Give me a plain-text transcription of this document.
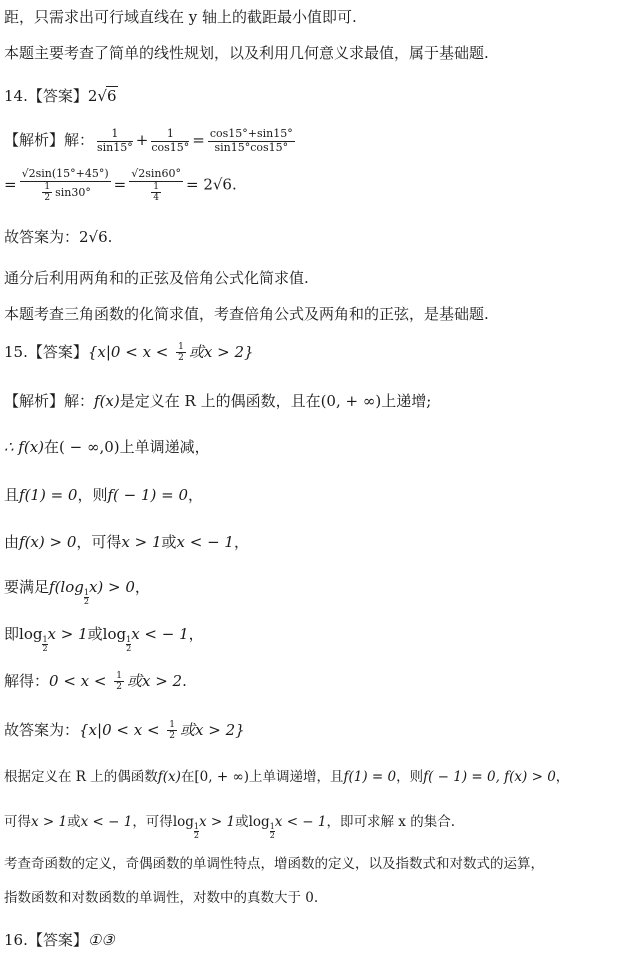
距，只需求出可行域直线在 y 轴上的截距最小值即可.
本题主要考查了简单的线性规划，以及利用几何意义求最值，属于基础题.
14.【答案】2√6
【解析】解： $\frac{1}{\sin 15^\circ} + \frac{1}{\cos 15^\circ} = \frac{\cos 15^\circ+\sin 15^\circ}{\sin 15^\circ\cos 15^\circ}$
= $\frac{√2\sin(15^\circ+45^\circ)}{\frac{1}{2} \sin 30^\circ} = \frac{√2\sin 60^\circ}{\frac{1}{4}} = 2√6$.
故答案为：2√6.
通分后利用两角和的正弦及倍角公式化简求值.
本题考查三角函数的化简求值，考查倍角公式及两角和的正弦，是基础题.
15.【答案】{$x|0 < x < \frac{1}{2}$ 或x > 2}
【解析】解：f(x)是定义在 R 上的偶函数，且在(0, + ∞)上递增;
∴ f(x)在( − ∞,0)上单调递减，
且f(1) = 0，则f( − 1) = 0，
由f(x) > 0，可得x > 1或x < − 1，
要满足f(log
$\frac{1}{2}$
x) > 0，
即log
$\frac{1}{2}$
x > 1或log
$\frac{1}{2}$
x < − 1，
解得：$0 < x < \frac{1}{2}$ 或x > 2.
故答案为：{$x|0 < x < \frac{1}{2}$ 或x > 2}
根据定义在 R 上的偶函数f(x)在[0, + ∞)上单调递增，且f(1) = 0，则f( − 1) = 0, f(x) > 0，
可得x > 1或x < − 1，可得log
$\frac{1}{2}$
x > 1或log
$\frac{1}{2}$
x < − 1，即可求解 x 的集合.
考查奇函数的定义，奇偶函数的单调性特点，增函数的定义，以及指数式和对数式的运算，
指数函数和对数函数的单调性，对数中的真数大于 0.
16.【答案】①③
